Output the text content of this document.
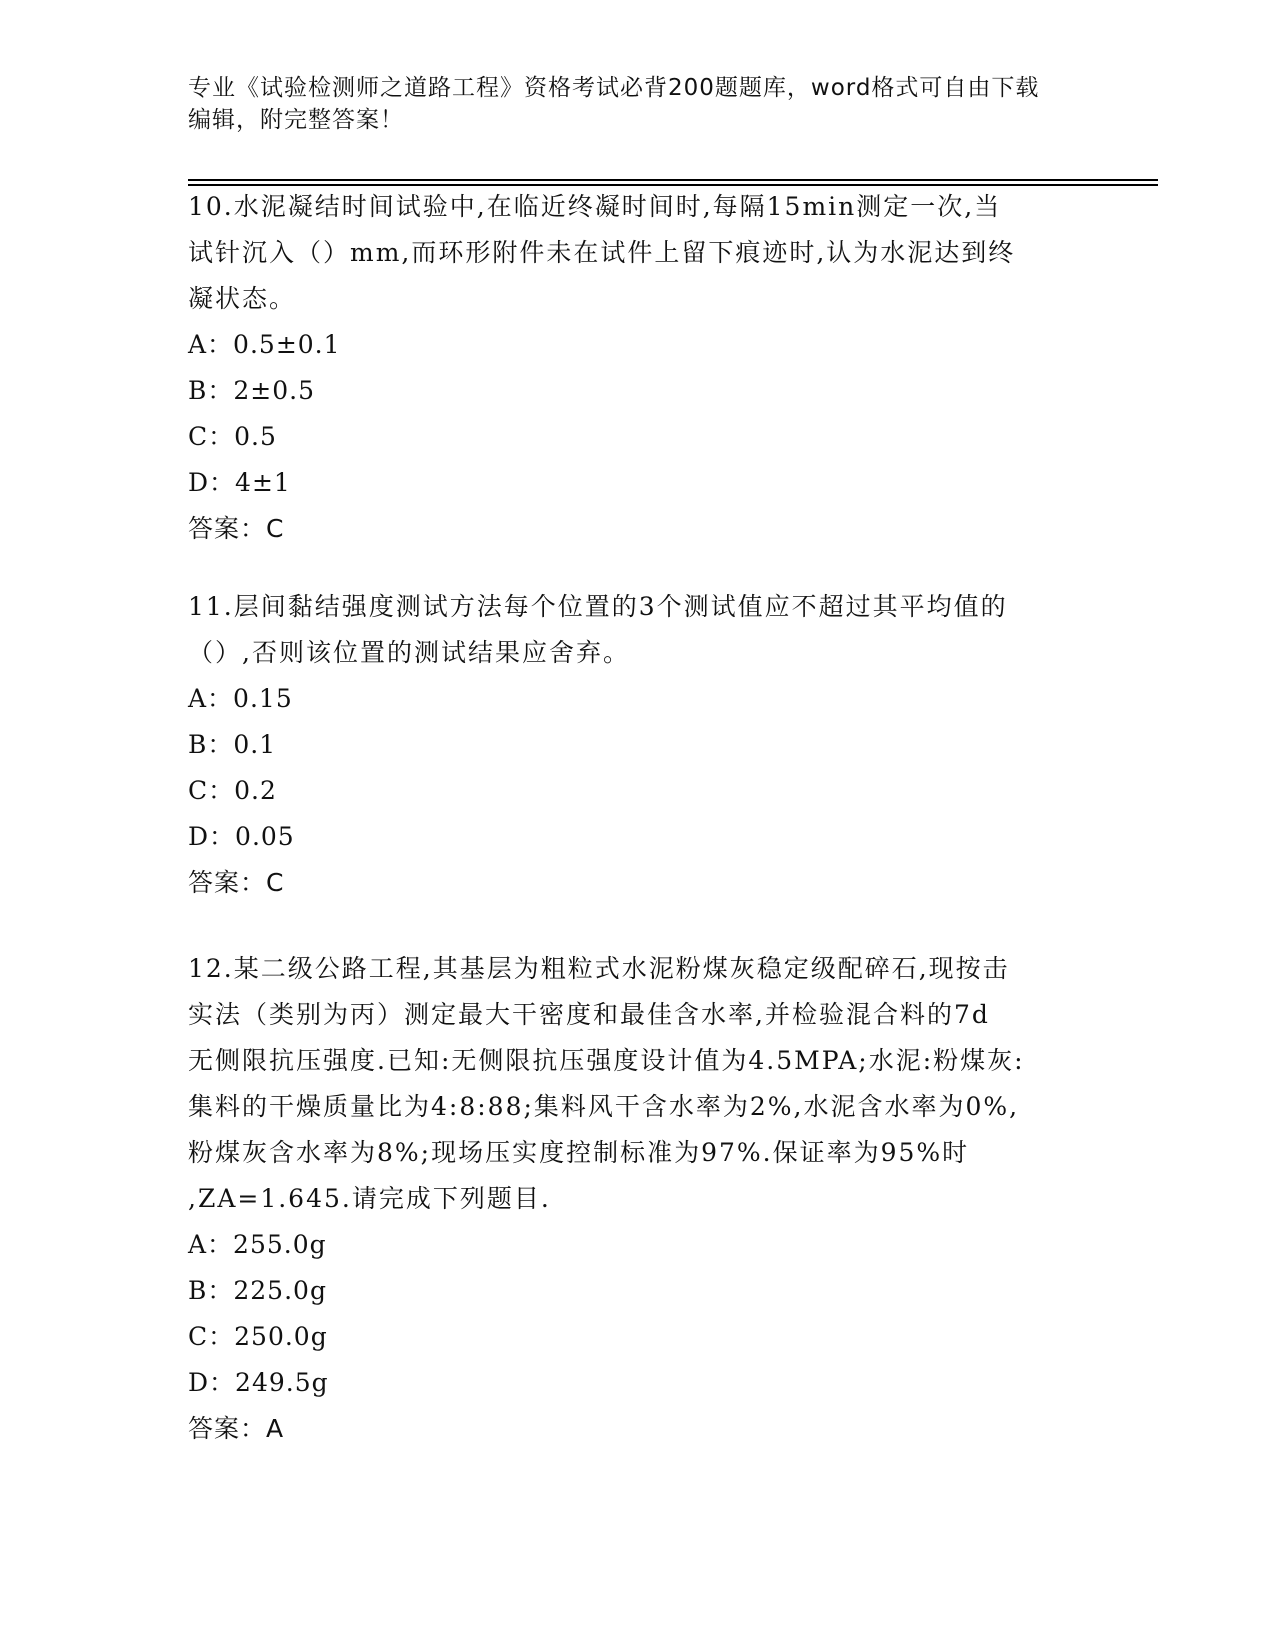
专业《试验检测师之道路工程》资格考试必背200题题库，word格式可自由下载
编辑，附完整答案！

10.水泥凝结时间试验中,在临近终凝时间时,每隔15min测定一次,当

试针沉入（）mm,而环形附件未在试件上留下痕迹时,认为水泥达到终

凝状态。

A：0.5±0.1

B：2±0.5

C：0.5

D：4±1

答案：C

11.层间黏结强度测试方法每个位置的3个测试值应不超过其平均值的

（）,否则该位置的测试结果应舍弃。

A：0.15

B：0.1

C：0.2

D：0.05

答案：C

12.某二级公路工程,其基层为粗粒式水泥粉煤灰稳定级配碎石,现按击

实法（类别为丙）测定最大干密度和最佳含水率,并检验混合料的7d

无侧限抗压强度.已知:无侧限抗压强度设计值为4.5MPA;水泥:粉煤灰:

集料的干燥质量比为4:8:88;集料风干含水率为2%,水泥含水率为0%,

粉煤灰含水率为8%;现场压实度控制标准为97%.保证率为95%时

,ZA=1.645.请完成下列题目.

A：255.0g

B：225.0g

C：250.0g

D：249.5g

答案：A
